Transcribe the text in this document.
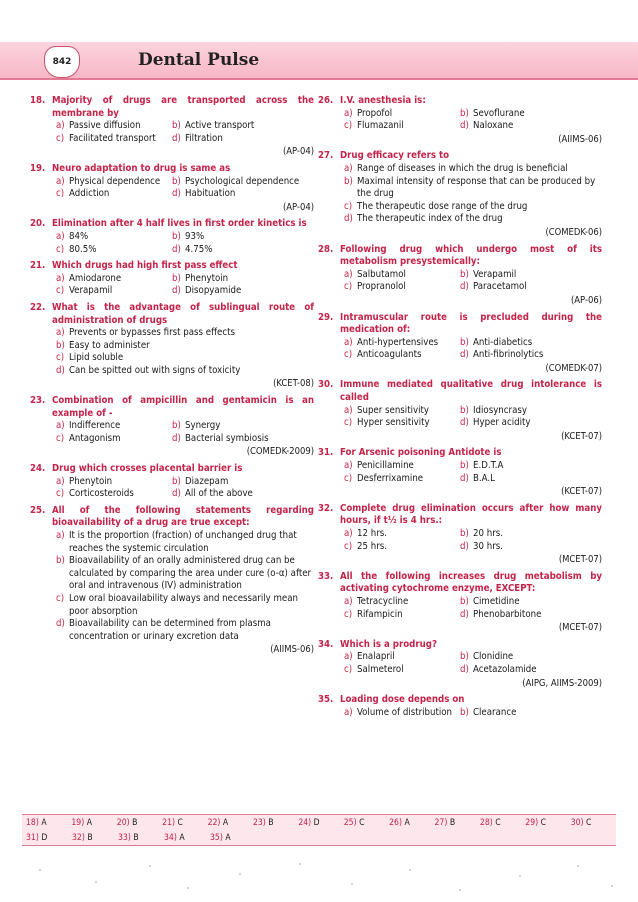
842	Dental Pulse
18. Majority of drugs are transported across the membrane by
a) Passive diffusion	b) Active transport
c) Facilitated transport d) Filtration
(AP-04)
19. Neuro adaptation to drug is same as
a) Physical dependence b) Psychological dependence
c) Addiction	d) Habituation
(AP-04)
20. Elimination after 4 half lives in first order kinetics is
a) 84%	b) 93%
c) 80.5%	d) 4.75%
21. Which drugs had high first pass effect
a) Amiodarone	b) Phenytoin
c) Verapamil	d) Disopyamide
22. What is the advantage of sublingual route of administration of drugs
a) Prevents or bypasses first pass effects
b) Easy to administer
c) Lipid soluble
d) Can be spitted out with signs of toxicity
(KCET-08)
23. Combination of ampicillin and gentamicin is an example of -
a) Indifference	b) Synergy
c) Antagonism	d) Bacterial symbiosis
(COMEDK-2009)
24. Drug which crosses placental barrier is
a) Phenytoin	b) Diazepam
c) Corticosteroids	d) All of the above
25. All of the following statements regarding bioavailability of a drug are true except:
a) It is the proportion (fraction) of unchanged drug that reaches the systemic circulation
b) Bioavailability of an orally administered drug can be calculated by comparing the area under cure (o-α) after oral and intravenous (IV) administration
c) Low oral bioavailability always and necessarily mean poor absorption
d) Bioavailability can be determined from plasma concentration or urinary excretion data
(AIIMS-06)
26. I.V. anesthesia is:
a) Propofol	b) Sevoflurane
c) Flumazanil	d) Naloxane
(AIIMS-06)
27. Drug efficacy refers to
a) Range of diseases in which the drug is beneficial
b) Maximal intensity of response that can be produced by the drug
c) The therapeutic dose range of the drug
d) The therapeutic index of the drug
(COMEDK-06)
28. Following drug which undergo most of its metabolism presystemically:
a) Salbutamol	b) Verapamil
c) Propranolol	d) Paracetamol
(AP-06)
29. Intramuscular route is precluded during the medication of:
a) Anti-hypertensives b) Anti-diabetics
c) Anticoagulants	d) Anti-fibrinolytics
(COMEDK-07)
30. Immune mediated qualitative drug intolerance is called
a) Super sensitivity	b) Idiosyncrasy
c) Hyper sensitivity	d) Hyper acidity
(KCET-07)
31. For Arsenic poisoning Antidote is
a) Penicillamine	b) E.D.T.A
c) Desferrixamine	d) B.A.L
(KCET-07)
32. Complete drug elimination occurs after how many hours, if t½ is 4 hrs.:
a) 12 hrs.	b) 20 hrs.
c) 25 hrs.	d) 30 hrs.
(MCET-07)
33. All the following increases drug metabolism by activating cytochrome enzyme, EXCEPT:
a) Tetracycline	b) Cimetidine
c) Rifampicin	d) Phenobarbitone
(MCET-07)
34. Which is a prodrug?
a) Enalapril	b) Clonidine
c) Salmeterol	d) Acetazolamide
(AIPG, AIIMS-2009)
35. Loading dose depends on
a) Volume of distribution b) Clearance
18) A	19) A	20) B	21) C	22) A	23) B	24) D	25) C	26) A	27) B	28) C	29) C	30) C
31) D	32) B	33) B	34) A	35) A
